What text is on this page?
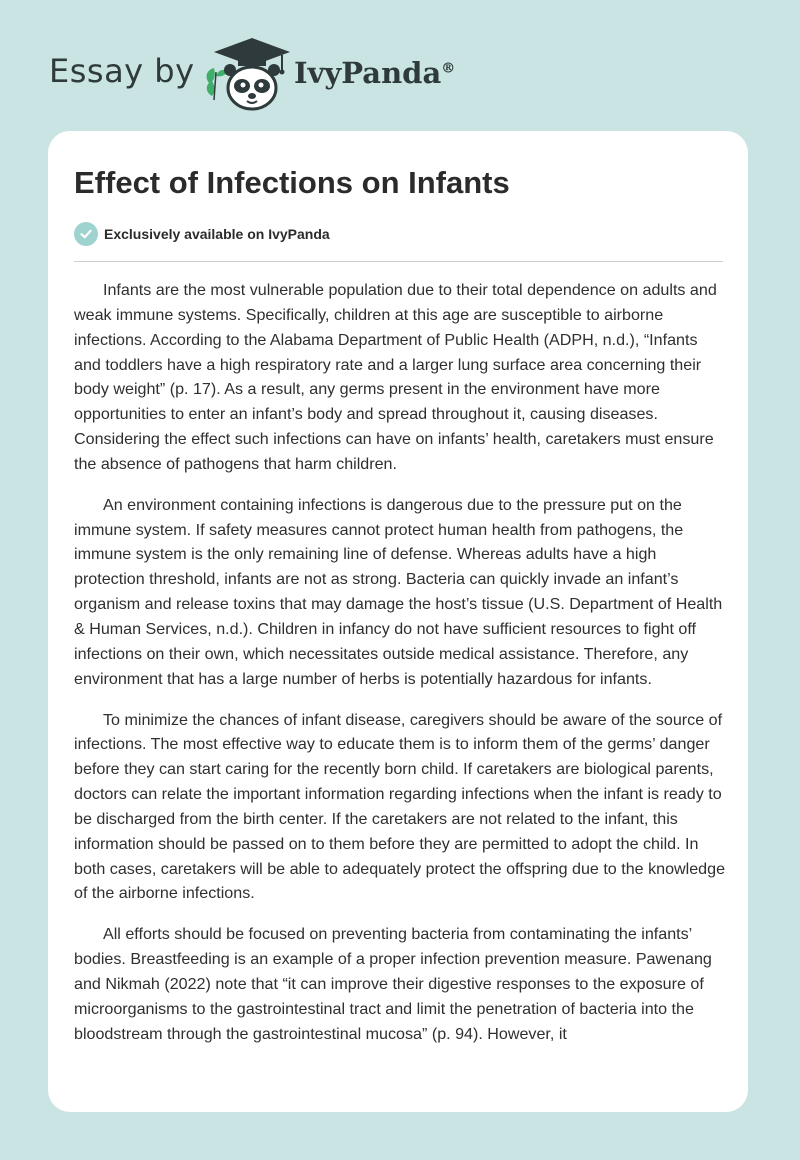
Essay by	IvyPanda®
Effect of Infections on Infants
Exclusively available on IvyPanda

Infants are the most vulnerable population due to their total dependence on adults and weak immune systems. Specifically, children at this age are susceptible to airborne infections. According to the Alabama Department of Public Health (ADPH, n.d.), “Infants and toddlers have a high respiratory rate and a larger lung surface area concerning their body weight” (p. 17). As a result, any germs present in the environment have more opportunities to enter an infant’s body and spread throughout it, causing diseases. Considering the effect such infections can have on infants’ health, caretakers must ensure the absence of pathogens that harm children.

An environment containing infections is dangerous due to the pressure put on the immune system. If safety measures cannot protect human health from pathogens, the immune system is the only remaining line of defense. Whereas adults have a high protection threshold, infants are not as strong. Bacteria can quickly invade an infant’s organism and release toxins that may damage the host’s tissue (U.S. Department of Health & Human Services, n.d.). Children in infancy do not have sufficient resources to fight off infections on their own, which necessitates outside medical assistance. Therefore, any environment that has a large number of herbs is potentially hazardous for infants.

To minimize the chances of infant disease, caregivers should be aware of the source of infections. The most effective way to educate them is to inform them of the germs’ danger before they can start caring for the recently born child. If caretakers are biological parents, doctors can relate the important information regarding infections when the infant is ready to be discharged from the birth center. If the caretakers are not related to the infant, this information should be passed on to them before they are permitted to adopt the child. In both cases, caretakers will be able to adequately protect the offspring due to the knowledge of the airborne infections.

All efforts should be focused on preventing bacteria from contaminating the infants’ bodies. Breastfeeding is an example of a proper infection prevention measure. Pawenang and Nikmah (2022) note that “it can improve their digestive responses to the exposure of microorganisms to the gastrointestinal tract and limit the penetration of bacteria into the bloodstream through the gastrointestinal mucosa” (p. 94). However, it
